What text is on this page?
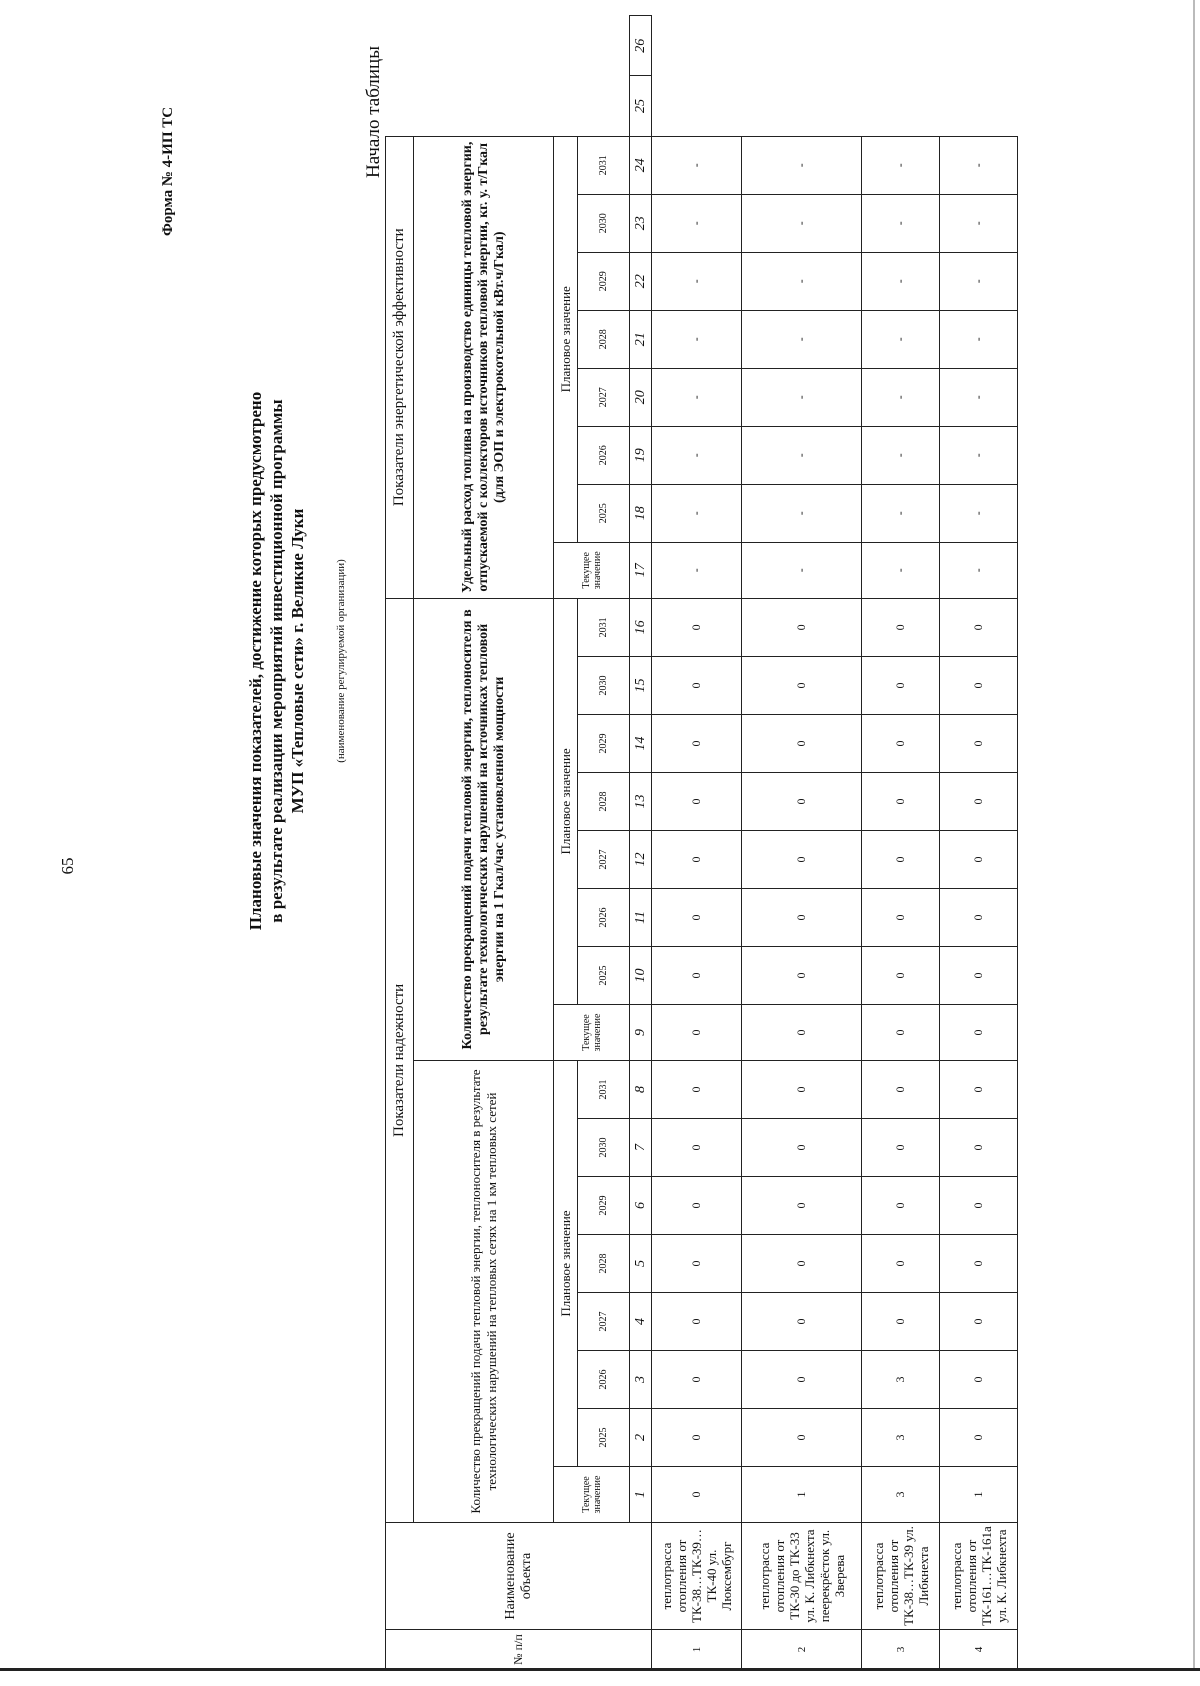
65
Форма № 4-ИП ТС
Плановые значения показателей, достижение которых предусмотрено в результате реализации мероприятий инвестиционной программы МУП «Тепловые сети» г. Великие Луки	(наименование регулируемой организации)
Начало таблицы
№ п/п	Наименование объекта	Показатели надежности																Показатели энергетической эффективности									
		Количество прекращений подачи тепловой энергии, теплоносителя в результате технологических нарушений на тепловых сетях на 1 км тепловых сетей								Количество прекращений подачи тепловой энергии, теплоносителя в результате технологических нарушений на источниках тепловой энергии на 1 Гкал/час установленной мощности								Удельный расход топлива на производство единицы тепловой энергии, отпускаемой с коллекторов источников тепловой энергии, кг. у. т/Гкал (для ЭОП и электрокотельной кВт.ч/Гкал)									
		Текущее значение	Плановое значение							Текущее значение	Плановое значение							Текущее значение	Плановое значение								
			2025	2026	2027	2028	2029	2030	2031		2025	2026	2027	2028	2029	2030	2031		2025	2026	2027	2028	2029	2030	2031		
		1	2	3	4	5	6	7	8	9	10	11	12	13	14	15	16	17	18	19	20	21	22	23	24	25	26
1	теплотрасса отопления от ТК-38…ТК-39…ТК-40 ул. Люксембург	0	0	0	0	0	0	0	0	0	0	0	0	0	0	0	0	-	-	-	-	-	-	-	-		
2	теплотрасса отопления от ТК-30 до ТК-33 ул. К. Либкнехта пеерекрёсток ул. Зверева	1	0	0	0	0	0	0	0	0	0	0	0	0	0	0	0	-	-	-	-	-	-	-	-		
3	теплотрасса отопления от ТК-38…ТК-39 ул. Либкнехта	3	3	3	0	0	0	0	0	0	0	0	0	0	0	0	0	-	-	-	-	-	-	-	-		
4	теплотрасса отопления от ТК-161…ТК-161а ул. К. Либкнехта	1	0	0	0	0	0	0	0	0	0	0	0	0	0	0	0	-	-	-	-	-	-	-	-		
